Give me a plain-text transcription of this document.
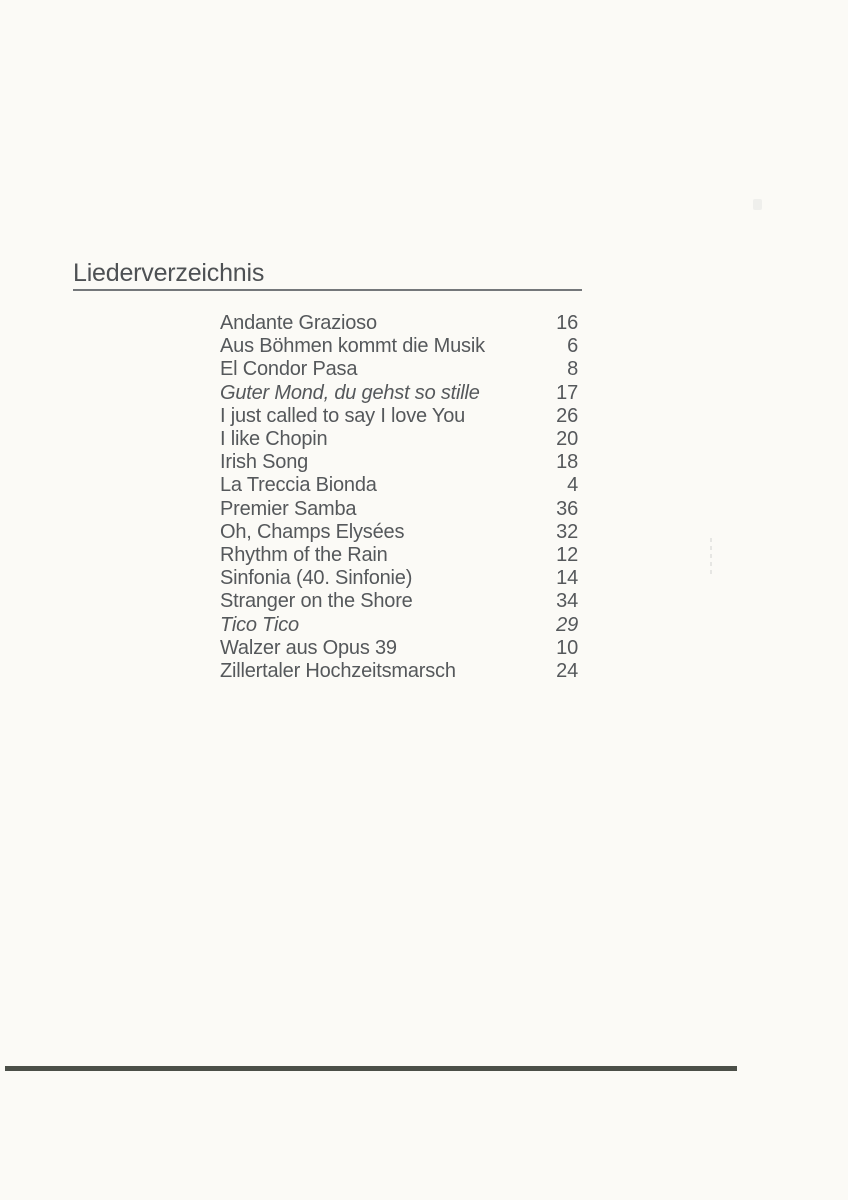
Liederverzeichnis
Andante Grazioso	16
Aus Böhmen kommt die Musik	6
El Condor Pasa	8
Guter Mond, du gehst so stille	17
I just called to say I love You	26
I like Chopin	20
Irish Song	18
La Treccia Bionda	4
Premier Samba	36
Oh, Champs Elysées	32
Rhythm of the Rain	12
Sinfonia (40. Sinfonie)	14
Stranger on the Shore	34
Tico Tico	29
Walzer aus Opus 39	10
Zillertaler Hochzeitsmarsch	24
